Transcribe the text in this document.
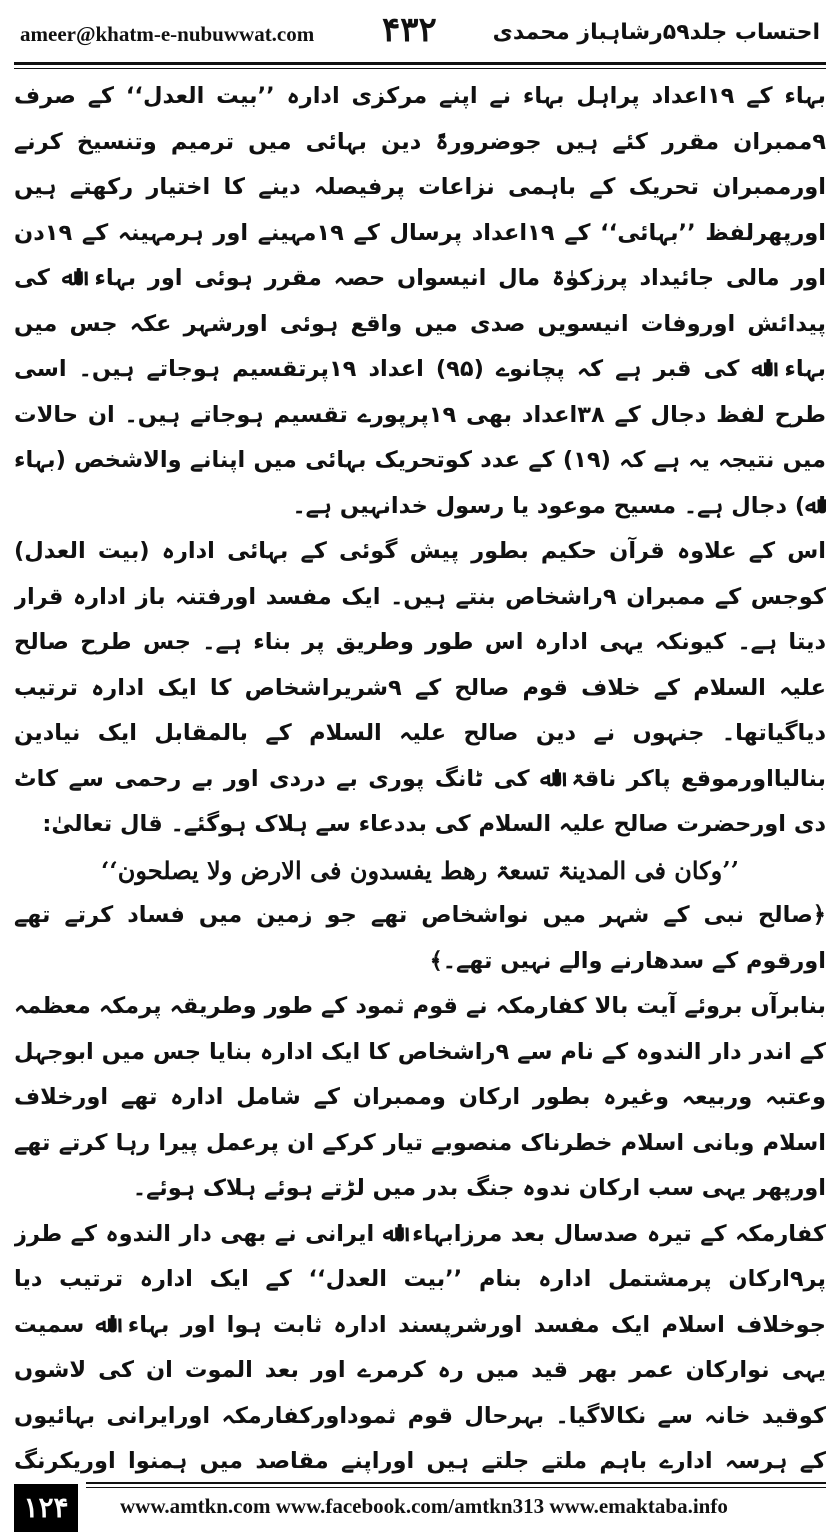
ameer@khatm-e-nubuwwat.com ۴۳۲	احتساب جلد۵۹رشاہباز محمدی

بہاء کے ۱۹اعداد پراہل بہاء نے اپنے مرکزی ادارہ ’’بیت العدل‘‘ کے صرف ۹ممبران مقرر کئے ہیں جوضرورۃً دین بہائی میں ترمیم وتنسیخ کرنے اورممبران تحریک کے باہمی نزاعات پرفیصلہ دینے کا اختیار رکھتے ہیں اورپھرلفظ ’’بہائی‘‘ کے ۱۹اعداد پرسال کے ۱۹مہینے اور ہرمہینہ کے ۱۹دن اور مالی جائیداد پرزکوٰۃ مال انیسواں حصہ مقرر ہوئی اور بہاء اﷲ کی پیدائش اوروفات انیسویں صدی میں واقع ہوئی اورشہر عکہ جس میں بہاء اﷲ کی قبر ہے کہ پچانوے (۹۵) اعداد ۱۹پرتقسیم ہوجاتے ہیں۔ اسی طرح لفظ دجال کے ۳۸اعداد بھی ۱۹پرپورے تقسیم ہوجاتے ہیں۔ ان حالات میں نتیجہ یہ ہے کہ (۱۹) کے عدد کوتحریک بہائی میں اپنانے والاشخص (بہاء اﷲ) دجال ہے۔ مسیح موعود یا رسول خدانہیں ہے۔

اس کے علاوہ قرآن حکیم بطور پیش گوئی کے بہائی ادارہ (بیت العدل) کوجس کے ممبران ۹راشخاص بنتے ہیں۔ ایک مفسد اورفتنہ باز ادارہ قرار دیتا ہے۔ کیونکہ یہی ادارہ اس طور وطریق پر بناء ہے۔ جس طرح صالح علیہ السلام کے خلاف قوم صالح کے ۹شریراشخاص کا ایک ادارہ ترتیب دیاگیاتھا۔ جنہوں نے دین صالح علیہ السلام کے بالمقابل ایک نیادین بنالیااورموقع پاکر ناقۃ اﷲ کی ٹانگ پوری بے دردی اور بے رحمی سے کاٹ دی اورحضرت صالح علیہ السلام کی بددعاء سے ہلاک ہوگئے۔ قال تعالیٰ:

’’وکان فی المدینۃ تسعۃ رھط یفسدون فی الارض ولا یصلحون‘‘

﴿صالح نبی کے شہر میں نواشخاص تھے جو زمین میں فساد کرتے تھے اورقوم کے سدھارنے والے نہیں تھے۔﴾

بنابرآں بروئے آیت بالا کفارمکہ نے قوم ثمود کے طور وطریقہ پرمکہ معظمہ کے اندر دار الندوہ کے نام سے ۹راشخاص کا ایک ادارہ بنایا جس میں ابوجہل وعتبہ وربیعہ وغیرہ بطور ارکان وممبران کے شامل ادارہ تھے اورخلاف اسلام وبانی اسلام خطرناک منصوبے تیار کرکے ان پرعمل پیرا رہا کرتے تھے اورپھر یہی سب ارکان ندوہ جنگ بدر میں لڑتے ہوئے ہلاک ہوئے۔

کفارمکہ کے تیرہ صدسال بعد مرزابہاء اﷲ ایرانی نے بھی دار الندوہ کے طرز پر۹ارکان پرمشتمل ادارہ بنام ’’بیت العدل‘‘ کے ایک ادارہ ترتیب دیا جوخلاف اسلام ایک مفسد اورشرپسند ادارہ ثابت ہوا اور بہاء اﷲ سمیت یہی نوارکان عمر بھر قید میں رہ کرمرے اور بعد الموت ان کی لاشوں کوقید خانہ سے نکالاگیا۔ بہرحال قوم ثموداورکفارمکہ اورایرانی بہائیوں کے ہرسہ ادارے باہم ملتے جلتے ہیں اوراپنے مقاصد میں ہمنوا اوریکرنگ

۱۲۴	www.amtkn.com www.facebook.com/amtkn313 www.emaktaba.info
